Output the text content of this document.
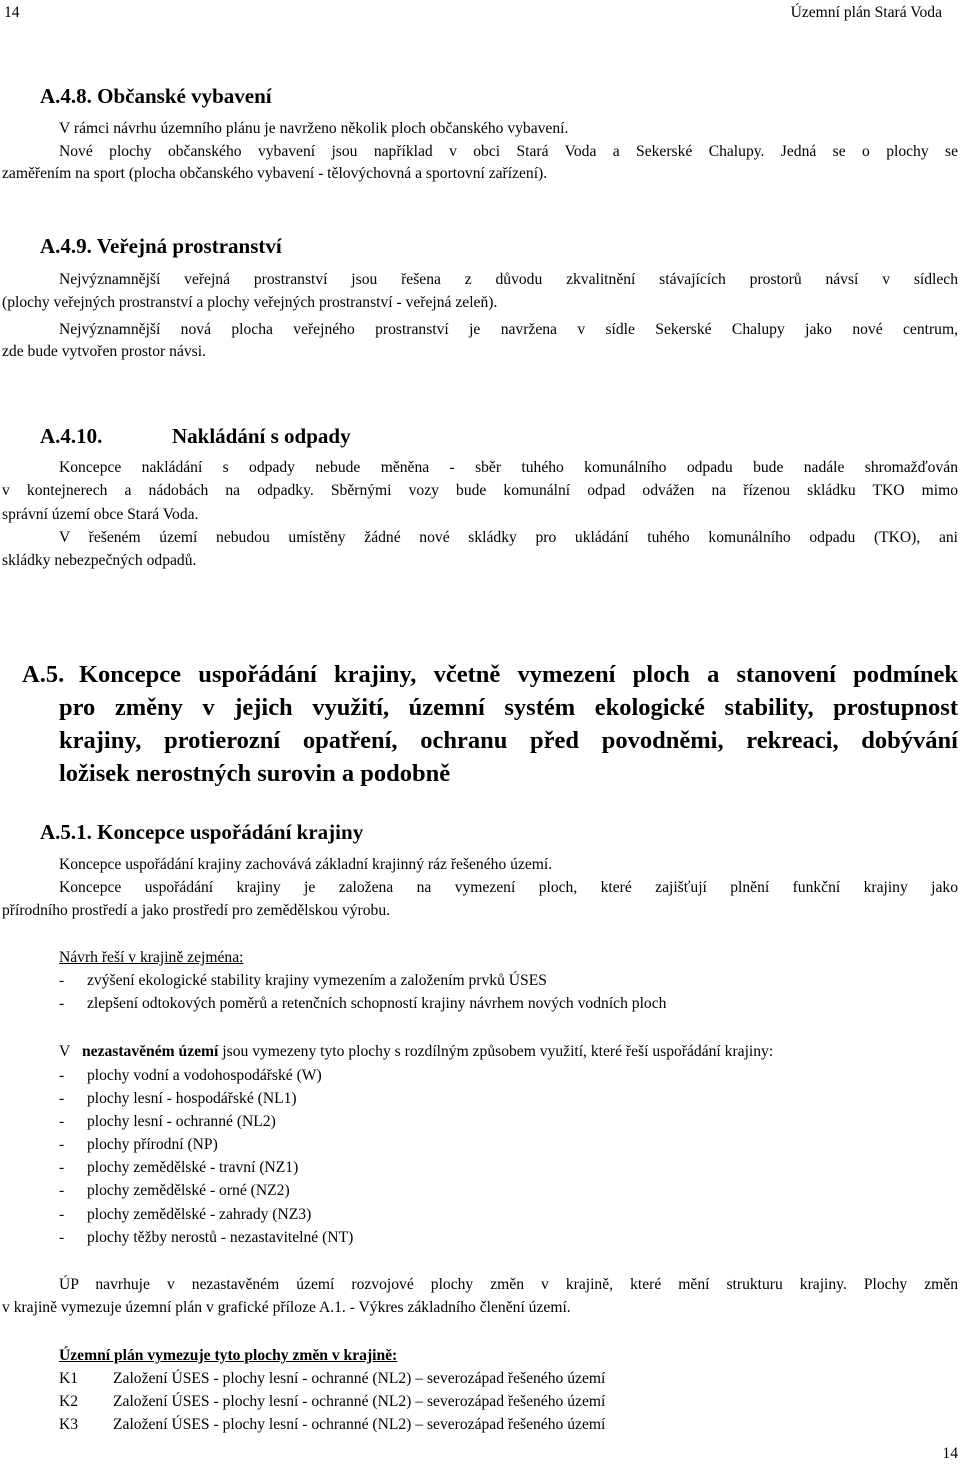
14	Územní plán Stará Voda
A.4.8. Občanské vybavení
V rámci návrhu územního plánu je navrženo několik ploch občanského vybavení.
Nové plochy občanského vybavení jsou například v obci Stará Voda a Sekerské Chalupy. Jedná se o plochy se
zaměřením na sport (plocha občanského vybavení - tělovýchovná a sportovní zařízení).
A.4.9. Veřejná prostranství
Nejvýznamnější veřejná prostranství jsou řešena z důvodu zkvalitnění stávajících prostorů návsí v sídlech
(plochy veřejných prostranství a plochy veřejných prostranství - veřejná zeleň).
Nejvýznamnější nová plocha veřejného prostranství je navržena v sídle Sekerské Chalupy jako nové centrum,
zde bude vytvořen prostor návsi.
A.4.10.	Nakládání s odpady
Koncepce nakládání s odpady nebude měněna - sběr tuhého komunálního odpadu bude nadále shromažďován
v kontejnerech a nádobách na odpadky. Sběrnými vozy bude komunální odpad odvážen na řízenou skládku TKO mimo
správní území obce Stará Voda.
V řešeném území nebudou umístěny žádné nové skládky pro ukládání tuhého komunálního odpadu (TKO), ani
skládky nebezpečných odpadů.
A.5. Koncepce uspořádání krajiny, včetně vymezení ploch a stanovení podmínek
pro změny v jejich využití, územní systém ekologické stability, prostupnost
krajiny, protierozní opatření, ochranu před povodněmi, rekreaci, dobývání
ložisek nerostných surovin a podobně
A.5.1. Koncepce uspořádání krajiny
Koncepce uspořádání krajiny zachovává základní krajinný ráz řešeného území.
Koncepce uspořádání krajiny je založena na vymezení ploch, které zajišťují plnění funkční krajiny jako
přírodního prostředí a jako prostředí pro zemědělskou výrobu.
Návrh řeší v krajině zejména:
- zvýšení ekologické stability krajiny vymezením a založením prvků ÚSES
- zlepšení odtokových poměrů a retenčních schopností krajiny návrhem nových vodních ploch
V nezastavěném území jsou vymezeny tyto plochy s rozdílným způsobem využití, které řeší uspořádání krajiny:
- plochy vodní a vodohospodářské (W)
- plochy lesní - hospodářské (NL1)
- plochy lesní - ochranné (NL2)
- plochy přírodní (NP)
- plochy zemědělské - travní (NZ1)
- plochy zemědělské - orné (NZ2)
- plochy zemědělské - zahrady (NZ3)
- plochy těžby nerostů - nezastavitelné (NT)
ÚP navrhuje v nezastavěném území rozvojové plochy změn v krajině, které mění strukturu krajiny. Plochy změn
v krajině vymezuje územní plán v grafické příloze A.1. - Výkres základního členění území.
Územní plán vymezuje tyto plochy změn v krajině:
K1 Založení ÚSES - plochy lesní - ochranné (NL2) – severozápad řešeného území
K2 Založení ÚSES - plochy lesní - ochranné (NL2) – severozápad řešeného území
K3 Založení ÚSES - plochy lesní - ochranné (NL2) – severozápad řešeného území
14
